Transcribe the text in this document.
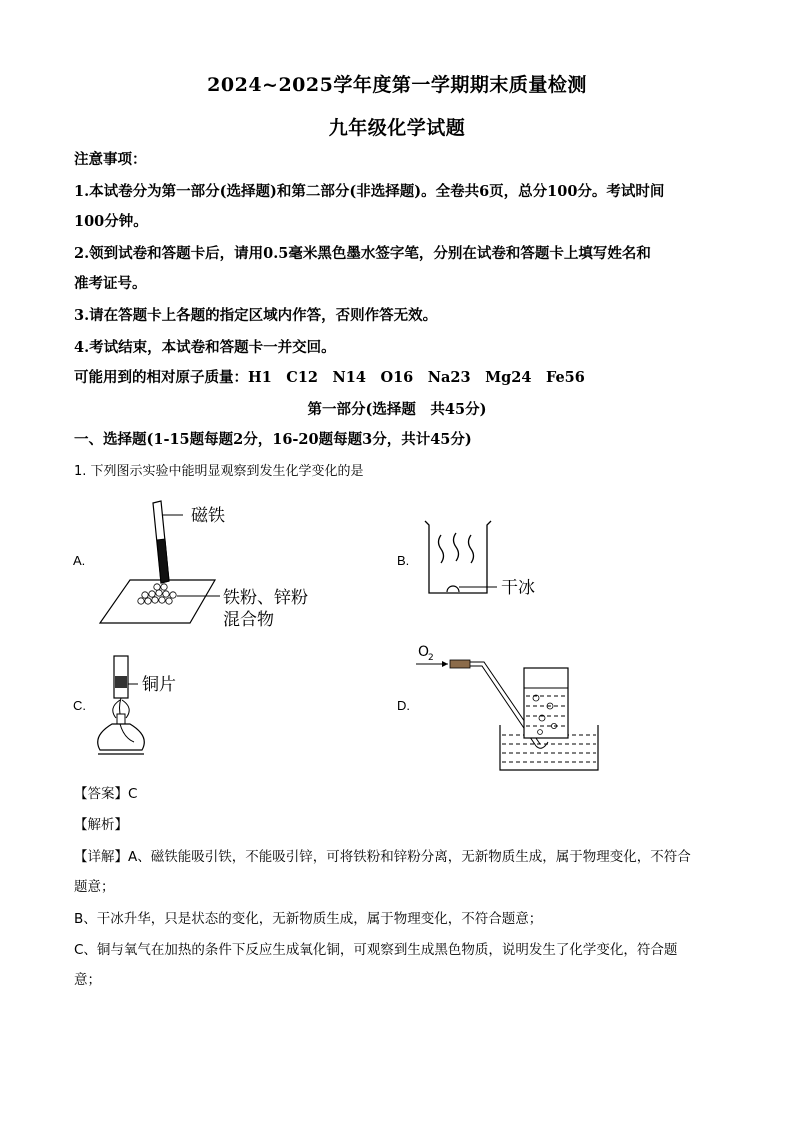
2024~2025学年度第一学期期末质量检测
九年级化学试题
注意事项：
1.本试卷分为第一部分(选择题)和第二部分(非选择题)。全卷共6页，总分100分。考试时间
100分钟。
2.领到试卷和答题卡后，请用0.5毫米黑色墨水签字笔，分别在试卷和答题卡上填写姓名和
准考证号。
3.请在答题卡上各题的指定区域内作答，否则作答无效。
4.考试结束，本试卷和答题卡一并交回。
可能用到的相对原子质量：H1　C12　N14　O16　Na23　Mg24　Fe56
第一部分(选择题　共45分)
一、选择题(1-15题每题2分，16-20题每题3分，共计45分)
1. 下列图示实验中能明显观察到发生化学变化的是
A.
磁铁
铁粉、锌粉
混合物
B.
干冰
C.
铜片
D.
O
2
【答案】C
【解析】
【详解】A、磁铁能吸引铁，不能吸引锌，可将铁粉和锌粉分离，无新物质生成，属于物理变化，不符合
题意；
B、干冰升华，只是状态的变化，无新物质生成，属于物理变化，不符合题意；
C、铜与氧气在加热的条件下反应生成氧化铜，可观察到生成黑色物质，说明发生了化学变化，符合题
意；
